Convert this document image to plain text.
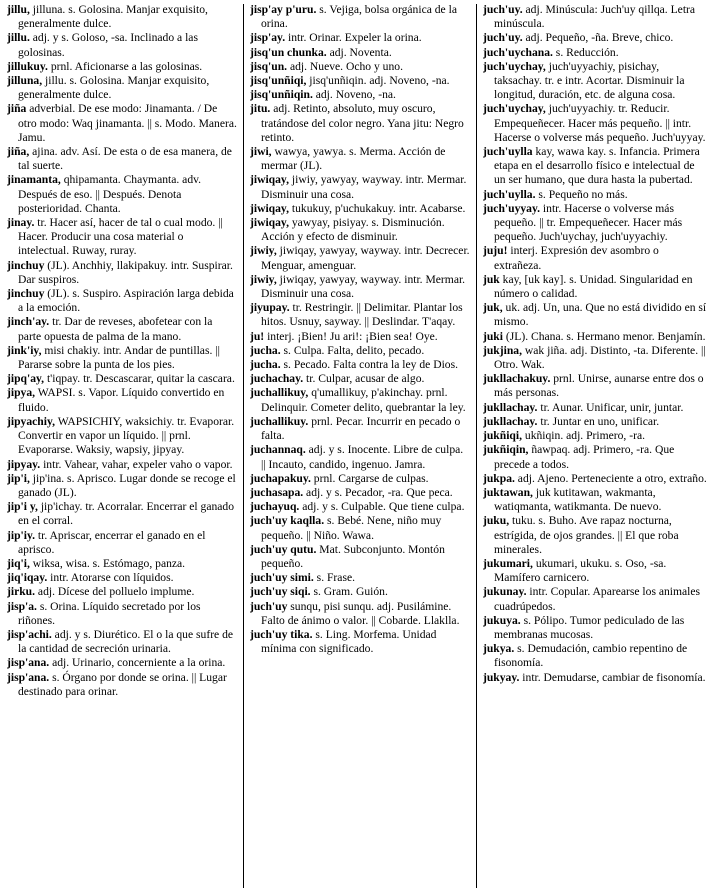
jillu, jilluna. s. Golosina. Manjar exquisito, generalmente dulce.

jillu. adj. y s. Goloso, -sa. Inclinado a las golosinas.

jillukuy. prnl. Aficionarse a las golosinas.

jilluna, jillu. s. Golosina. Manjar exquisito, generalmente dulce.

jiña adverbial. De ese modo: Jinamanta. / De otro modo: Waq jinamanta. || s. Modo. Manera. Jamu.

jiña, ajina. adv. Así. De esta o de esa manera, de tal suerte.

jinamanta, qhipamanta. Chaymanta. adv. Después de eso. || Después. Denota posterioridad. Chanta.

jinay. tr. Hacer así, hacer de tal o cual modo. || Hacer. Producir una cosa material o intelectual. Ruway, ruray.

jinchuy (JL). Anchhiy, llakipakuy. intr. Suspirar. Dar suspiros.

jinchuy (JL). s. Suspiro. Aspiración larga debida a la emoción.

jinch'ay. tr. Dar de reveses, abofetear con la parte opuesta de palma de la mano.

jink'iy, misi chakiy. intr. Andar de puntillas. || Pararse sobre la punta de los pies.

jipq'ay, t'iqpay. tr. Descascarar, quitar la cascara.

jipya, WAPSI. s. Vapor. Líquido convertido en fluido.

jipyachiy, WAPSICHIY, waksichiy. tr. Evaporar. Convertir en vapor un líquido. || prnl. Evaporarse. Waksiy, wapsiy, jipyay.

jipyay. intr. Vahear, vahar, expeler vaho o vapor.

jip'i, jip'ina. s. Aprisco. Lugar donde se recoge el ganado (JL).

jip'i y, jip'ichay. tr. Acorralar. Encerrar el ganado en el corral.

jip'iy. tr. Apriscar, encerrar el ganado en el aprisco.

jiq'i, wiksa, wisa. s. Estómago, panza.

jiq'iqay. intr. Atorarse con líquidos.

jirku. adj. Dícese del polluelo implume.

jisp'a. s. Orina. Líquido secretado por los riñones.

jisp'achi. adj. y s. Diurético. El o la que sufre de la cantidad de secreción urinaria.

jisp'ana. adj. Urinario, concerniente a la orina.

jisp'ana. s. Órgano por donde se orina. || Lugar destinado para orinar.

jisp'ay p'uru. s. Vejiga, bolsa orgánica de la orina.

jisp'ay. intr. Orinar. Expeler la orina.

jisq'un chunka. adj. Noventa.

jisq'un. adj. Nueve. Ocho y uno.

jisq'unñiqi, jisq'unñiqin. adj. Noveno, -na.

jisq'unñiqin. adj. Noveno, -na.

jitu. adj. Retinto, absoluto, muy oscuro, tratándose del color negro. Yana jitu: Negro retinto.

jiwi, wawya, yawya. s. Merma. Acción de mermar (JL).

jiwiqay, jiwiy, yawyay, wayway. intr. Mermar. Disminuir una cosa.

jiwiqay, tukukuy, p'uchukakuy. intr. Acabarse.

jiwiqay, yawyay, pisiyay. s. Disminución. Acción y efecto de disminuir.

jiwiy, jiwiqay, yawyay, wayway. intr. Decrecer. Menguar, amenguar.

jiwiy, jiwiqay, yawyay, wayway. intr. Mermar. Disminuir una cosa.

jiyupay. tr. Restringir. || Delimitar. Plantar los hitos. Usnuy, sayway. || Deslindar. T'aqay.

ju! interj. ¡Bien! Ju ari!: ¡Bien sea! Oye.

jucha. s. Culpa. Falta, delito, pecado.

jucha. s. Pecado. Falta contra la ley de Dios.

juchachay. tr. Culpar, acusar de algo.

juchallikuy, q'umallikuy, p'akinchay. prnl. Delinquir. Cometer delito, quebrantar la ley.

juchallikuy. prnl. Pecar. Incurrir en pecado o falta.

juchannaq. adj. y s. Inocente. Libre de culpa. || Incauto, candido, ingenuo. Jamra.

juchapakuy. prnl. Cargarse de culpas.

juchasapa. adj. y s. Pecador, -ra. Que peca.

juchayuq. adj. y s. Culpable. Que tiene culpa.

juch'uy kaqlla. s. Bebé. Nene, niño muy pequeño. || Niño. Wawa.

juch'uy qutu. Mat. Subconjunto. Montón pequeño.

juch'uy simi. s. Frase.

juch'uy siqi. s. Gram. Guión.

juch'uy sunqu, pisi sunqu. adj. Pusilámine. Falto de ánimo o valor. || Cobarde. Llaklla.

juch'uy tika. s. Ling. Morfema. Unidad mínima con significado.

juch'uy. adj. Minúscula: Juch'uy qillqa. Letra minúscula.

juch'uy. adj. Pequeño, -ña. Breve, chico.

juch'uychana. s. Reducción.

juch'uychay, juch'uyyachiy, pisichay, taksachay. tr. e intr. Acortar. Disminuir la longitud, duración, etc. de alguna cosa.

juch'uychay, juch'uyyachiy. tr. Reducir. Empequeñecer. Hacer más pequeño. || intr. Hacerse o volverse más pequeño. Juch'uyyay.

juch'uylla kay, wawa kay. s. Infancia. Primera etapa en el desarrollo físico e intelectual de un ser humano, que dura hasta la pubertad.

juch'uylla. s. Pequeño no más.

juch'uyyay. intr. Hacerse o volverse más pequeño. || tr. Empequeñecer. Hacer más pequeño. Juch'uychay, juch'uyyachiy.

juju! interj. Expresión dev asombro o extrañeza.

juk kay, [uk kay]. s. Unidad. Singularidad en número o calidad.

juk, uk. adj. Un, una. Que no está dividido en sí mismo.

juki (JL). Chana. s. Hermano menor. Benjamín.

jukjina, wak jiña. adj. Distinto, -ta. Diferente. || Otro. Wak.

jukllachakuy. prnl. Unirse, aunarse entre dos o más personas.

jukllachay. tr. Aunar. Unificar, unir, juntar.

jukllachay. tr. Juntar en uno, unificar.

jukñiqi, ukñiqin. adj. Primero, -ra.

jukñiqin, ñawpaq. adj. Primero, -ra. Que precede a todos.

jukpa. adj. Ajeno. Perteneciente a otro, extraño.

juktawan, juk kutitawan, wakmanta, watiqmanta, watikmanta. De nuevo.

juku, tuku. s. Buho. Ave rapaz nocturna, estrígida, de ojos grandes. || El que roba minerales.

jukumari, ukumari, ukuku. s. Oso, -sa. Mamífero carnicero.

jukunay. intr. Copular. Aparearse los animales cuadrúpedos.

jukuya. s. Pólipo. Tumor pediculado de las membranas mucosas.

jukya. s. Demudación, cambio repentino de fisonomía.

jukyay. intr. Demudarse, cambiar de fisonomía.
